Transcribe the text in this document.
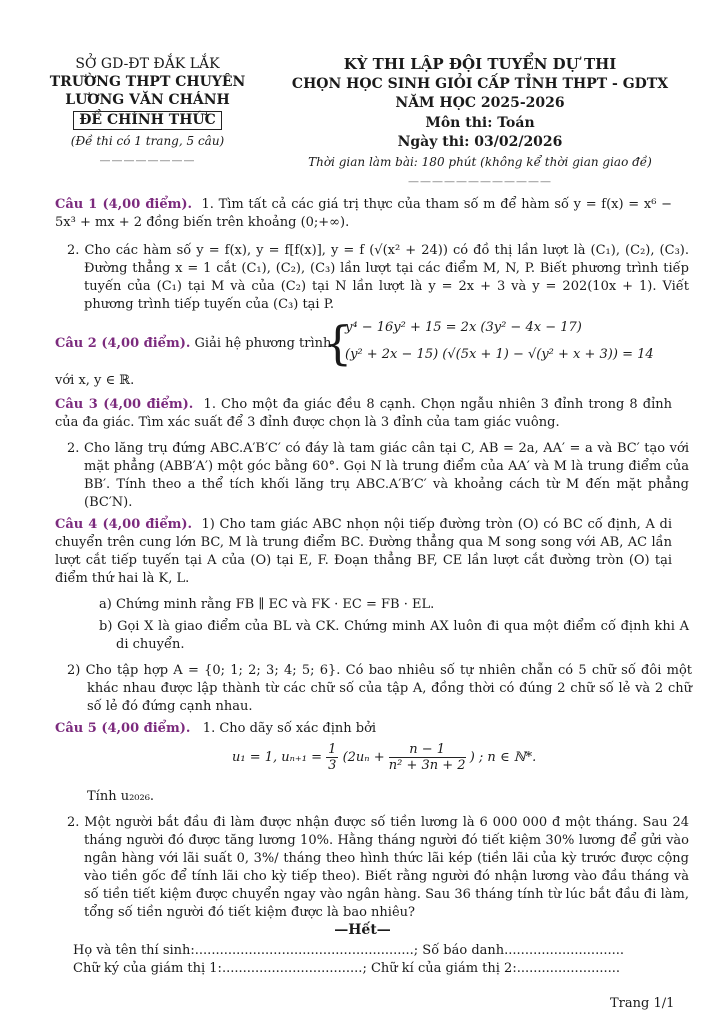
SỞ GD-ĐT ĐẮK LẮK
TRƯỜNG THPT CHUYÊN
LƯƠNG VĂN CHÁNH
ĐỀ CHÍNH THỨC
(Đề thi có 1 trang, 5 câu)
————————
KỲ THI LẬP ĐỘI TUYỂN DỰ THI
CHỌN HỌC SINH GIỎI CẤP TỈNH THPT - GDTX
NĂM HỌC 2025-2026
Môn thi: Toán
Ngày thi: 03/02/2026
Thời gian làm bài: 180 phút (không kể thời gian giao đề)
————————————
Câu 1 (4,00 điểm). 1. Tìm tất cả các giá trị thực của tham số m để hàm số y = f(x) = x⁶ − 5x³ + mx + 2 đồng biến trên khoảng (0;+∞).
2. Cho các hàm số y = f(x), y = f[f(x)], y = f (√(x² + 24)) có đồ thị lần lượt là (C₁), (C₂), (C₃). Đường thẳng x = 1 cắt (C₁), (C₂), (C₃) lần lượt tại các điểm M, N, P. Biết phương trình tiếp tuyến của (C₁) tại M và của (C₂) tại N lần lượt là y = 2x + 3 và y = 202(10x + 1). Viết phương trình tiếp tuyến của (C₃) tại P.
Câu 2 (4,00 điểm). Giải hệ phương trình
{
y⁴ − 16y² + 15 = 2x (3y² − 4x − 17)
(y² + 2x − 15) (√(5x + 1) − √(y² + x + 3)) = 14
với x, y ∈ ℝ.
Câu 3 (4,00 điểm). 1. Cho một đa giác đều 8 cạnh. Chọn ngẫu nhiên 3 đỉnh trong 8 đỉnh của đa giác. Tìm xác suất để 3 đỉnh được chọn là 3 đỉnh của tam giác vuông.
2. Cho lăng trụ đứng ABC.A′B′C′ có đáy là tam giác cân tại C, AB = 2a, AA′ = a và BC′ tạo với mặt phẳng (ABB′A′) một góc bằng 60°. Gọi N là trung điểm của AA′ và M là trung điểm của BB′. Tính theo a thể tích khối lăng trụ ABC.A′B′C′ và khoảng cách từ M đến mặt phẳng (BC′N).
Câu 4 (4,00 điểm). 1) Cho tam giác ABC nhọn nội tiếp đường tròn (O) có BC cố định, A di chuyển trên cung lớn BC, M là trung điểm BC. Đường thẳng qua M song song với AB, AC lần lượt cắt tiếp tuyến tại A của (O) tại E, F. Đoạn thẳng BF, CE lần lượt cắt đường tròn (O) tại điểm thứ hai là K, L.
a) Chứng minh rằng FB ∥ EC và FK · EC = FB · EL.
b) Gọi X là giao điểm của BL và CK. Chứng minh AX luôn đi qua một điểm cố định khi A di chuyển.
2) Cho tập hợp A = {0; 1; 2; 3; 4; 5; 6}. Có bao nhiêu số tự nhiên chẵn có 5 chữ số đôi một khác nhau được lập thành từ các chữ số của tập A, đồng thời có đúng 2 chữ số lẻ và 2 chữ số lẻ đó đứng cạnh nhau.
Câu 5 (4,00 điểm). 1. Cho dãy số xác định bởi
u₁ = 1, $u_{n+1} = \frac{1}{3} (2u_n + \frac{n - 1}{\text{n² + 3n + 2}}$ ) ; n ∈ ℕ*.
Tính u₂₀₂₆.
2. Một người bắt đầu đi làm được nhận được số tiền lương là 6 000 000 đ một tháng. Sau 24 tháng người đó được tăng lương 10%. Hằng tháng người đó tiết kiệm 30% lương để gửi vào ngân hàng với lãi suất 0, 3%/ tháng theo hình thức lãi kép (tiền lãi của kỳ trước được cộng vào tiền gốc để tính lãi cho kỳ tiếp theo). Biết rằng người đó nhận lương vào đầu tháng và số tiền tiết kiệm được chuyển ngay vào ngân hàng. Sau 36 tháng tính từ lúc bắt đầu đi làm, tổng số tiền người đó tiết kiệm được là bao nhiêu?
—Hết—
Họ và tên thí sinh:.....................................................; Số báo danh.............................
Chữ ký của giám thị 1:..................................; Chữ kí của giám thị 2:.........................
Trang 1/1
